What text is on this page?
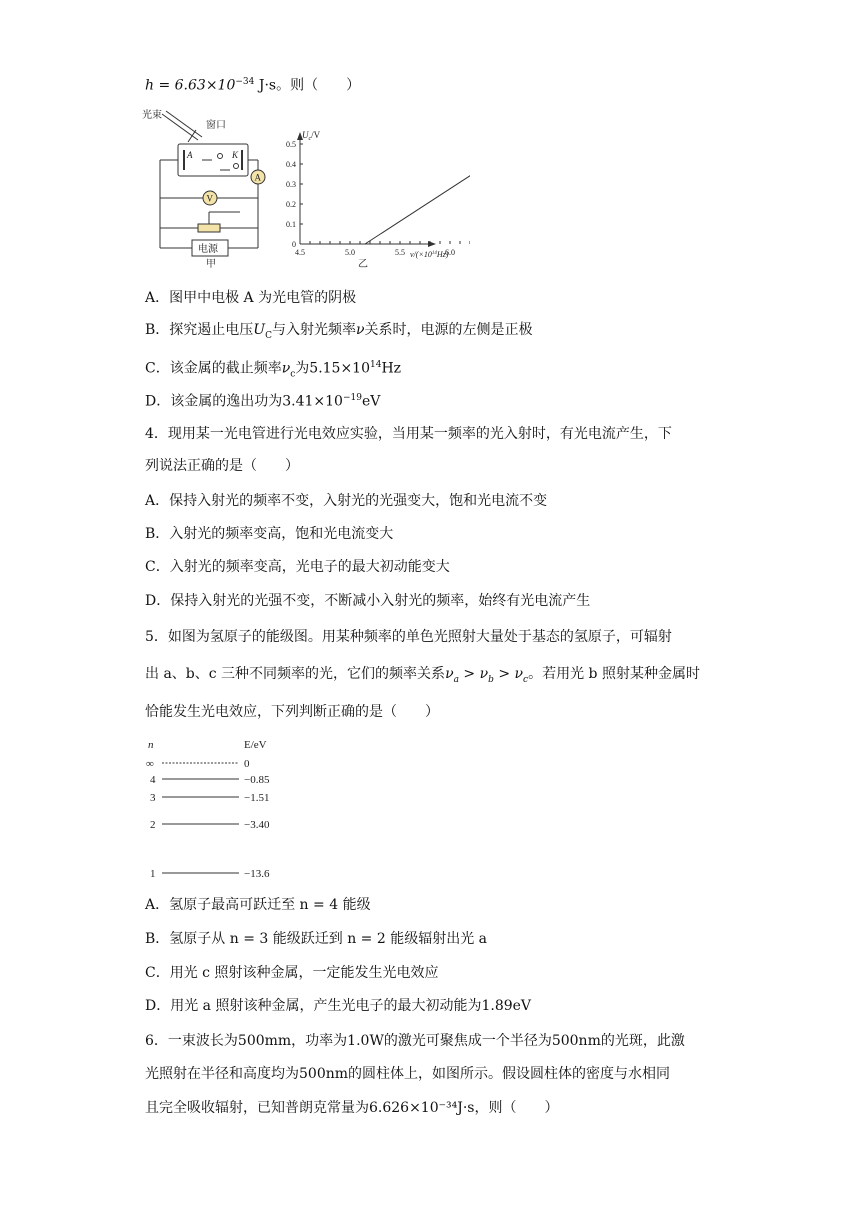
$h = 6.63\times 10^{-34}$ J·s。则（　　）
光束
窗口
A	K
A
V
电源
甲
$U_c/V$
0.5
0.4
0.3
0.2
0.1
0
4.5	5.0	5.5	6.0
$\nu/(\times 10^{14}Hz)$
乙
A．图甲中电极 A 为光电管的阴极
B．探究遏止电压$U_C$与入射光频率ν关系时，电源的左侧是正极
C．该金属的截止频率$\nu_c$为$5.15\times 10^{14}Hz$
D．该金属的逸出功为$3.41\times 10^{-19}eV$
4．现用某一光电管进行光电效应实验，当用某一频率的光入射时，有光电流产生，下
列说法正确的是（　　）
A．保持入射光的频率不变，入射光的光强变大，饱和光电流不变
B．入射光的频率变高，饱和光电流变大
C．入射光的频率变高，光电子的最大初动能变大
D．保持入射光的光强不变，不断减小入射光的频率，始终有光电流产生
5．如图为氢原子的能级图。用某种频率的单色光照射大量处于基态的氢原子，可辐射
出 a、b、c 三种不同频率的光，它们的频率关系$\nu_a > \nu_b > \nu_c$。若用光 b 照射某种金属时
恰能发生光电效应，下列判断正确的是（　　）
n	E/eV
∞	0
4	−0.85
3	−1.51
2	−3.40
1	−13.6
A．氢原子最高可跃迁至 n = 4 能级
B．氢原子从 n = 3 能级跃迁到 n = 2 能级辐射出光 a
C．用光 c 照射该种金属，一定能发生光电效应
D．用光 a 照射该种金属，产生光电子的最大初动能为1.89eV
6．一束波长为500mm，功率为1.0W的激光可聚焦成一个半径为500nm的光斑，此激
光照射在半径和高度均为500nm的圆柱体上，如图所示。假设圆柱体的密度与水相同
且完全吸收辐射，已知普朗克常量为6.626×10⁻³⁴J·s，则（　　）
